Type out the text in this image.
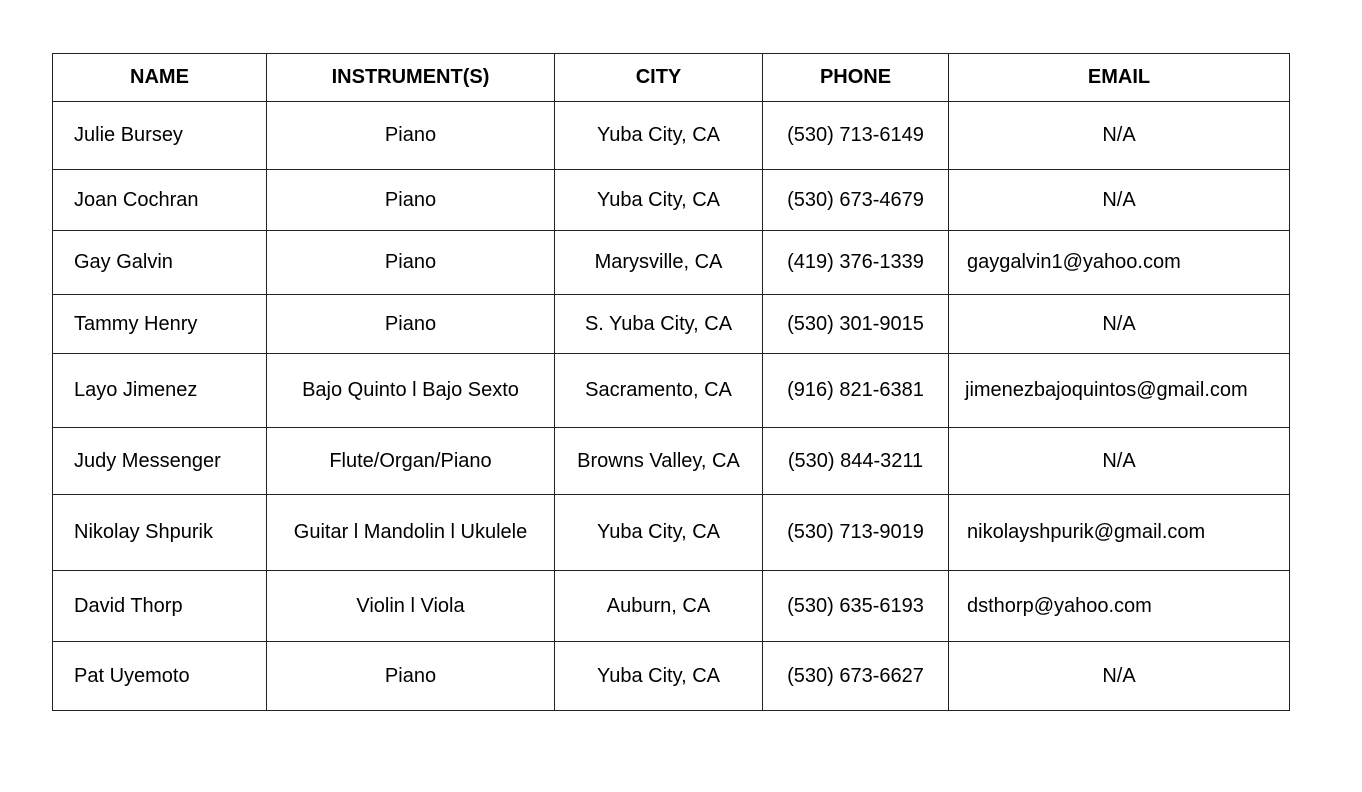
NAME	INSTRUMENT(S)	CITY	PHONE	EMAIL
Julie Bursey	Piano	Yuba City, CA	(530) 713-6149	N/A
Joan Cochran	Piano	Yuba City, CA	(530) 673-4679	N/A
Gay Galvin	Piano	Marysville, CA	(419) 376-1339	gaygalvin1@yahoo.com
Tammy Henry	Piano	S. Yuba City, CA	(530) 301-9015	N/A
Layo Jimenez	Bajo Quinto l Bajo Sexto	Sacramento, CA	(916) 821-6381	jimenezbajoquintos@gmail.com
Judy Messenger	Flute/Organ/Piano	Browns Valley, CA	(530) 844-3211	N/A
Nikolay Shpurik	Guitar l Mandolin l Ukulele	Yuba City, CA	(530) 713-9019	nikolayshpurik@gmail.com
David Thorp	Violin l Viola	Auburn, CA	(530) 635-6193	dsthorp@yahoo.com
Pat Uyemoto	Piano	Yuba City, CA	(530) 673-6627	N/A
